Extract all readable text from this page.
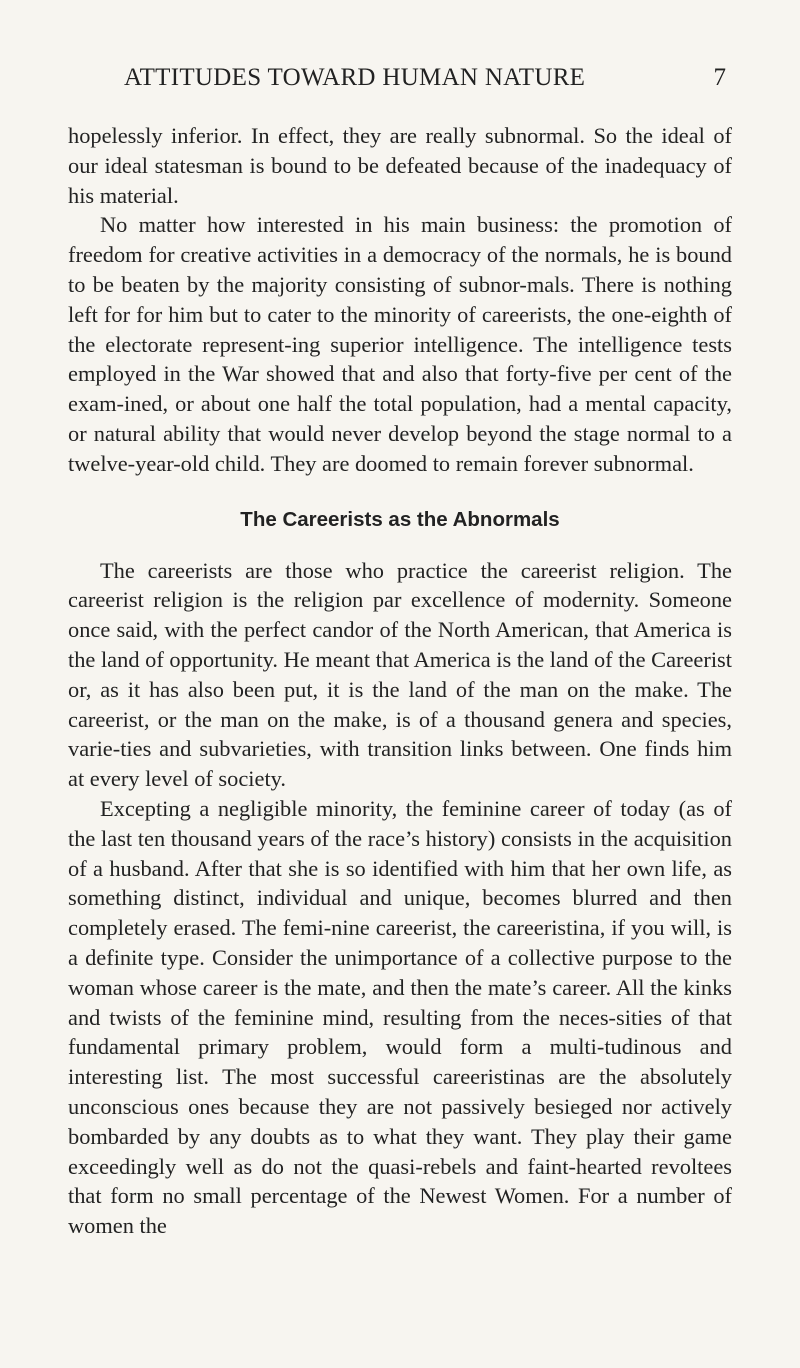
ATTITUDES TOWARD HUMAN NATURE	7

hopelessly inferior. In effect, they are really subnormal. So the ideal of our ideal statesman is bound to be defeated because of the inadequacy of his material.

No matter how interested in his main business: the promotion of freedom for creative activities in a democracy of the normals, he is bound to be beaten by the majority consisting of subnor-mals. There is nothing left for for him but to cater to the minority of careerists, the one-eighth of the electorate represent-ing superior intelligence. The intelligence tests employed in the War showed that and also that forty-five per cent of the exam-ined, or about one half the total population, had a mental capacity, or natural ability that would never develop beyond the stage normal to a twelve-year-old child. They are doomed to remain forever subnormal.

The Careerists as the Abnormals

The careerists are those who practice the careerist religion. The careerist religion is the religion par excellence of modernity. Someone once said, with the perfect candor of the North American, that America is the land of opportunity. He meant that America is the land of the Careerist or, as it has also been put, it is the land of the man on the make. The careerist, or the man on the make, is of a thousand genera and species, varie-ties and subvarieties, with transition links between. One finds him at every level of society.

Excepting a negligible minority, the feminine career of today (as of the last ten thousand years of the race’s history) consists in the acquisition of a husband. After that she is so identified with him that her own life, as something distinct, individual and unique, becomes blurred and then completely erased. The femi-nine careerist, the careeristina, if you will, is a definite type. Consider the unimportance of a collective purpose to the woman whose career is the mate, and then the mate’s career. All the kinks and twists of the feminine mind, resulting from the neces-sities of that fundamental primary problem, would form a multi-tudinous and interesting list. The most successful careeristinas are the absolutely unconscious ones because they are not passively besieged nor actively bombarded by any doubts as to what they want. They play their game exceedingly well as do not the quasi-rebels and faint-hearted revoltees that form no small percentage of the Newest Women. For a number of women the
